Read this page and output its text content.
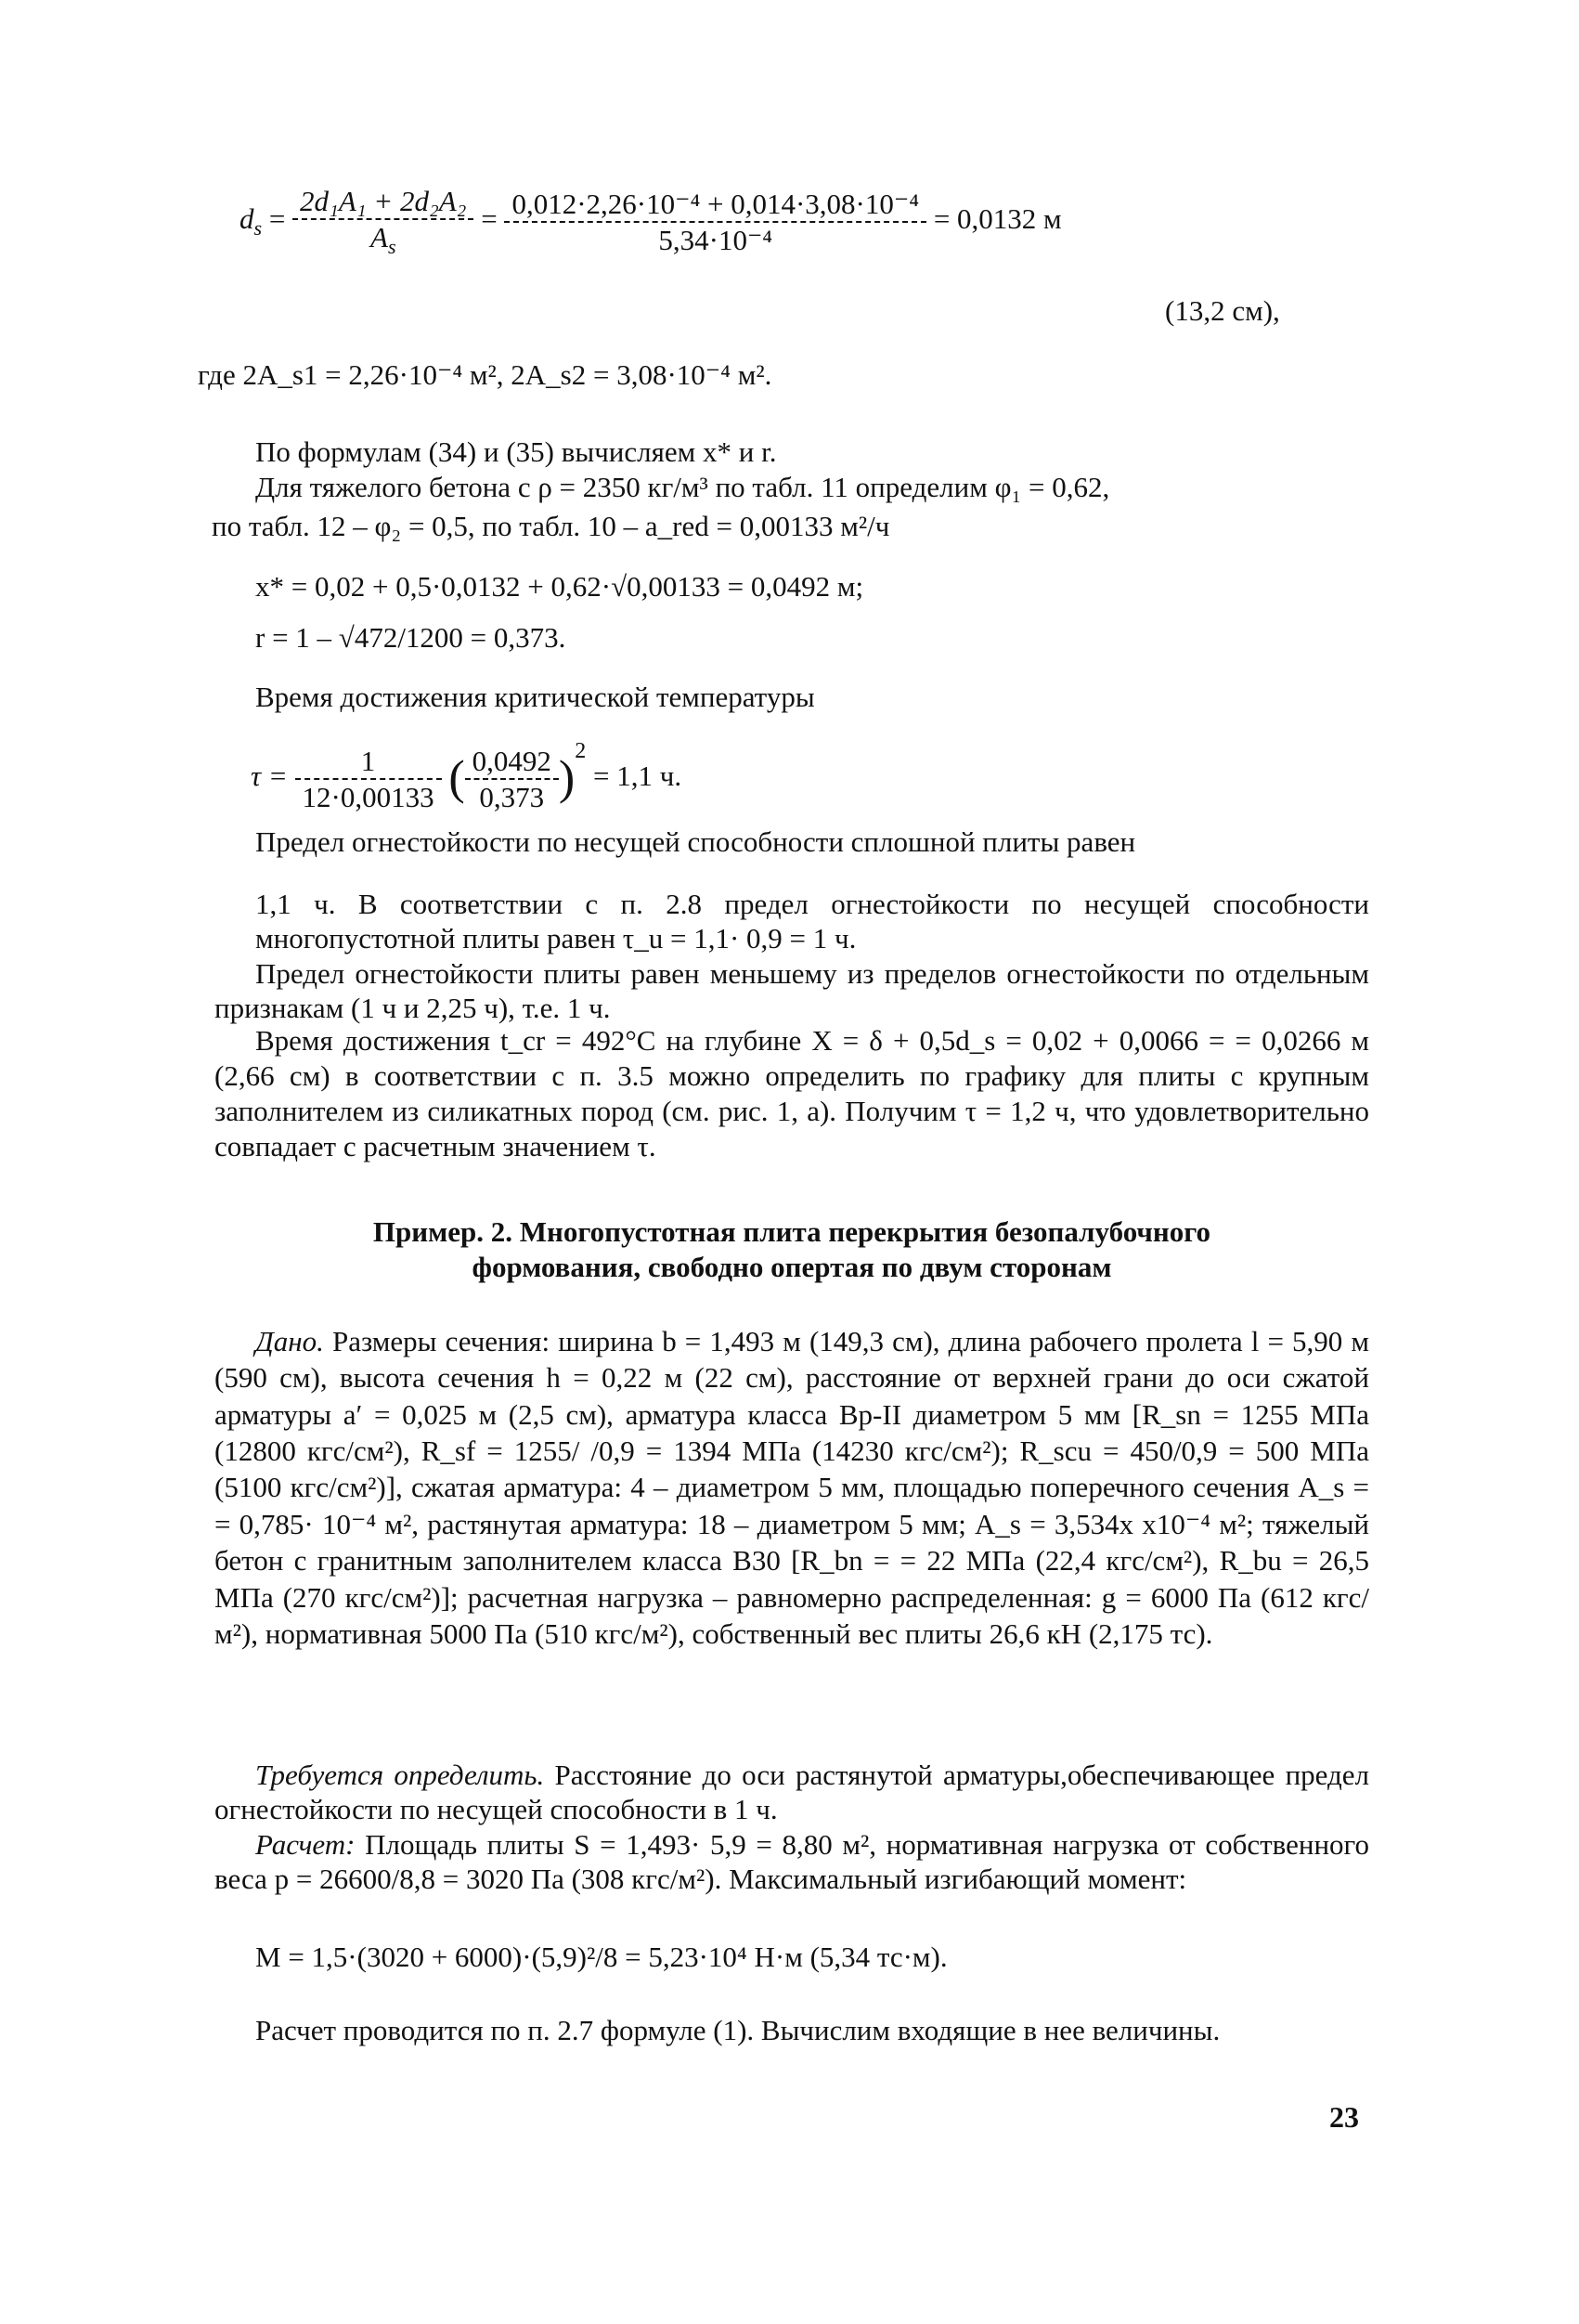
$d_s = \frac{\text{2d₁A₁ + 2d₂A₂}}{A_s} = \frac{\text{0,012·2,26·10⁻⁴ + 0,014·3,08·10⁻⁴}}{\text{5,34·10⁻⁴}} = 0,0132$ м
(13,2 см),
где 2A_s1 = 2,26·10⁻⁴ м², 2A_s2 = 3,08·10⁻⁴ м².
По формулам (34) и (35) вычисляем x* и r.
Для тяжелого бетона с ρ = 2350 кг/м³ по табл. 11 определим φ₁ = 0,62,
по табл. 12 – φ₂ = 0,5, по табл. 10 – a_red = 0,00133 м²/ч
x* = 0,02 + 0,5·0,0132 + 0,62·√0,00133 = 0,0492 м;
r = 1 – √472/1200 = 0,373.
Время достижения критической температуры
$\tau = \frac{1}{12\cdot 0,00133}$ ( $\frac{0,0492}{0,373} )^2 = 1,1$ ч.
Предел огнестойкости по несущей способности сплошной плиты равен
1,1 ч. В соответствии с п. 2.8 предел огнестойкости по несущей способности многопустотной плиты равен τ_u = 1,1· 0,9 = 1 ч.
Предел огнестойкости плиты равен меньшему из пределов огнестойкости по отдельным признакам (1 ч и 2,25 ч), т.е. 1 ч.
Время достижения t_cr = 492°C на глубине X = δ + 0,5d_s = 0,02 + 0,0066 = = 0,0266 м (2,66 см) в соответствии с п. 3.5 можно определить по графику для плиты с крупным заполнителем из силикатных пород (см. рис. 1, а). Получим τ = 1,2 ч, что удовлетворительно совпадает с расчетным значением τ.
Пример. 2. Многопустотная плита перекрытия безопалубочного
формования, свободно опертая по двум сторонам
Дано. Размеры сечения: ширина b = 1,493 м (149,3 см), длина рабочего пролета l = 5,90 м (590 см), высота сечения h = 0,22 м (22 см), расстояние от верхней грани до оси сжатой арматуры a′ = 0,025 м (2,5 см), арматура класса Вр-II диаметром 5 мм [R_sn = 1255 МПа (12800 кгс/см²), R_sf = 1255/ /0,9 = 1394 МПа (14230 кгс/см²); R_scu = 450/0,9 = 500 МПа (5100 кгс/см²)], сжатая арматура: 4 – диаметром 5 мм, площадью поперечного сечения A_s = = 0,785· 10⁻⁴ м², растянутая арматура: 18 – диаметром 5 мм; A_s = 3,534x x10⁻⁴ м²; тяжелый бетон с гранитным заполнителем класса В30 [R_bn = = 22 МПа (22,4 кгс/см²), R_bu = 26,5 МПа (270 кгс/см²)]; расчетная нагрузка – равномерно распределенная: g = 6000 Па (612 кгс/м²), нормативная 5000 Па (510 кгс/м²), собственный вес плиты 26,6 кН (2,175 тс).
Требуется определить. Расстояние до оси растянутой арматуры,обеспечивающее предел огнестойкости по несущей способности в 1 ч.
Расчет: Площадь плиты S = 1,493· 5,9 = 8,80 м², нормативная нагрузка от собственного веса p = 26600/8,8 = 3020 Па (308 кгс/м²). Максимальный изгибающий момент:
M = 1,5·(3020 + 6000)·(5,9)²/8 = 5,23·10⁴ Н·м (5,34 тс·м).
Расчет проводится по п. 2.7 формуле (1). Вычислим входящие в нее величины.
23
